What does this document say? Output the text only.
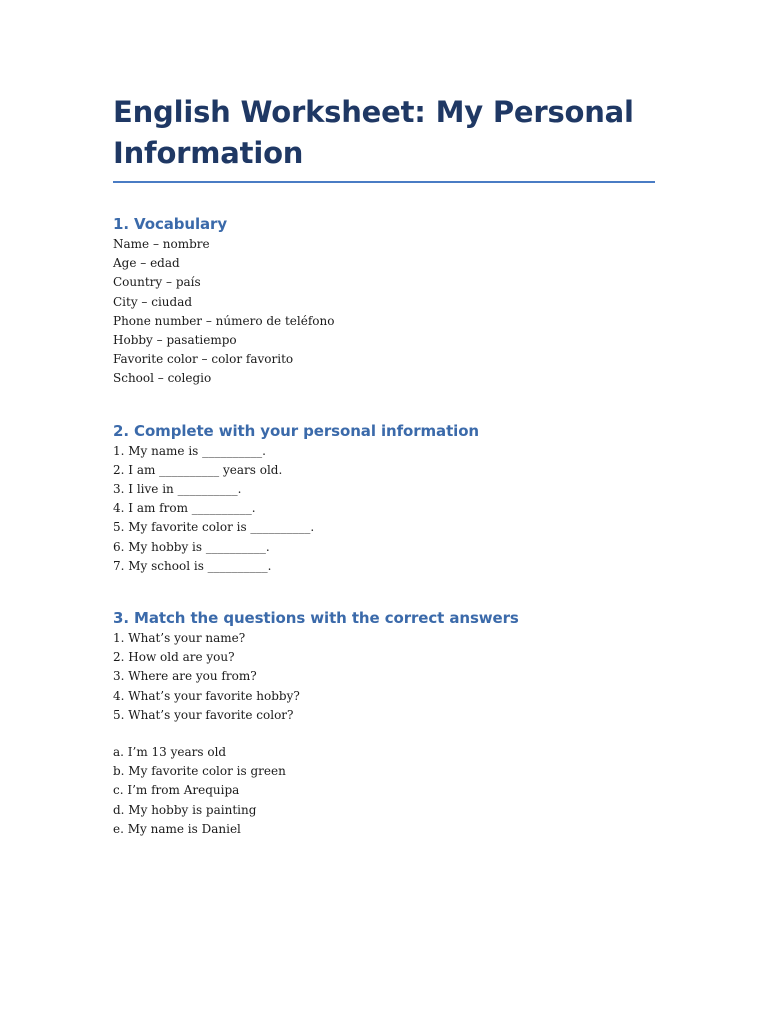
English Worksheet: My Personal Information
1. Vocabulary
Name – nombre
Age – edad
Country – país
City – ciudad
Phone number – número de teléfono
Hobby – pasatiempo
Favorite color – color favorito
School – colegio
2. Complete with your personal information
1. My name is __________.
2. I am __________ years old.
3. I live in __________.
4. I am from __________.
5. My favorite color is __________.
6. My hobby is __________.
7. My school is __________.
3. Match the questions with the correct answers
1. What’s your name?
2. How old are you?
3. Where are you from?
4. What’s your favorite hobby?
5. What’s your favorite color?
a. I’m 13 years old
b. My favorite color is green
c. I’m from Arequipa
d. My hobby is painting
e. My name is Daniel
